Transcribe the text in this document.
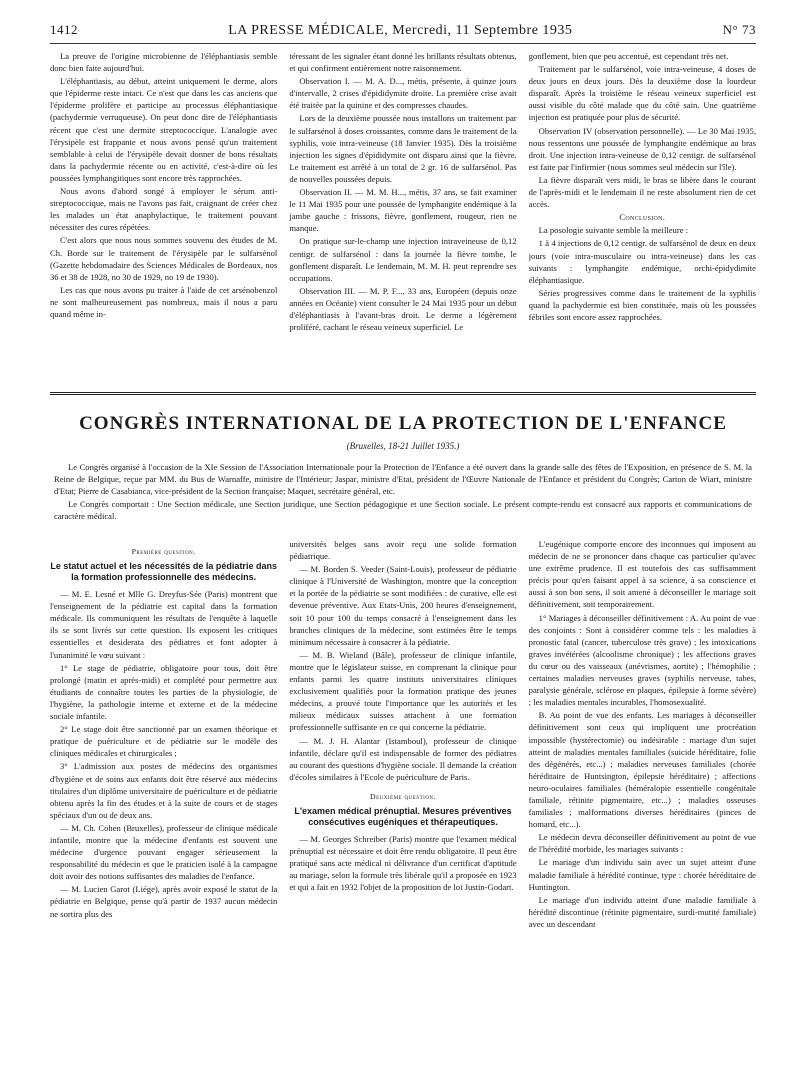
1412	LA PRESSE MÉDICALE, Mercredi, 11 Septembre 1935	N° 73

La preuve de l'origine microbienne de l'éléphantiasis semble donc bien faite aujourd'hui.

L'éléphantiasis, au début, atteint uniquement le derme, alors que l'épiderme reste intact. Ce n'est que dans les cas anciens que l'épiderme prolifère et participe au processus éléphantiasique (pachydermie verruqueuse). On peut donc dire de l'éléphantiasis récent que c'est une dermite streptococcique. L'analogie avec l'érysipèle est frappante et nous avons pensé qu'un traitement semblable à celui de l'érysipèle devait donner de bons résultats dans la pachydermie récente ou en activité, c'est-à-dire où les poussées lymphangitiques sont encore très rapprochées.

Nous avons d'abord songé à employer le sérum anti-streptococcique, mais ne l'avons pas fait, craignant de créer chez les malades un état anaphylactique, le traitement pouvant nécessiter des cures répétées.

C'est alors que nous nous sommes souvenu des études de M. Ch. Borde sur le traitement de l'érysipèle par le sulfarsénol (Gazette hebdomadaire des Sciences Médicales de Bordeaux, nos 36 et 38 de 1928, no 30 de 1929, no 19 de 1930).

Les cas que nous avons pu traiter à l'aide de cet arsénobenzol ne sont malheureusement pas nombreux, mais il nous a paru quand même in-

téressant de les signaler étant donné les brillants résultats obtenus, et qui confirment entièrement notre raisonnement.

Observation I. — M. A. D..., métis, présente, à quinze jours d'intervalle, 2 crises d'épididymite droite. La première crise avait été traitée par la quinine et des compresses chaudes.

Lors de la deuxième poussée nous installons un traitement par le sulfarsénol à doses croissantes, comme dans le traitement de la syphilis, voie intra-veineuse (18 Janvier 1935). Dès la troisième injection les signes d'épididymite ont disparu ainsi que la fièvre. Le traitement est arrêté à un total de 2 gr. 16 de sulfarsénol. Pas de nouvelles poussées depuis.

Observation II. — M. M. H..., métis, 37 ans, se fait examiner le 11 Mai 1935 pour une poussée de lymphangite endémique à la jambe gauche : frissons, fièvre, gonflement, rougeur, rien ne manque.

On pratique sur-le-champ une injection intraveineuse de 0,12 centigr. de sulfarsénol : dans la journée la fièvre tombe, le gonflement disparaît. Le lendemain, M. M. H. peut reprendre ses occupations.

Observation III. — M. P. F..., 33 ans, Européen (depuis onze années en Océanie) vient consulter le 24 Mai 1935 pour un début d'éléphantiasis à l'avant-bras droit. Le derme a légèrement proliféré, cachant le réseau veineux superficiel. Le

gonflement, bien que peu accentué, est cependant très net.

Traitement par le sulfarsénol, voie intra-veineuse, 4 doses de deux jours en deux jours. Dès la deuxième dose la lourdeur disparaît. Après la troisième le réseau veineux superficiel est aussi visible du côté malade que du côté sain. Une quatrième injection est pratiquée pour plus de sécurité.

Observation IV (observation personnelle). — Le 30 Mai 1935, nous ressentons une poussée de lymphangite endémique au bras droit. Une injection intra-veineuse de 0,12 centigr. de sulfarsénol est faite par l'infirmier (nous sommes seul médecin sur l'île).

La fièvre disparaît vers midi, le bras se libère dans le courant de l'après-midi et le lendemain il ne reste absolument rien de cet accès.

Conclusion.

La posologie suivante semble la meilleure :

1 à 4 injections de 0,12 centigr. de sulfarsénol de deux en deux jours (voie intra-musculaire ou intra-veineuse) dans les cas suivants : lymphangite endémique, orchi-épidydimite éléphantiasique.

Séries progressives comme dans le traitement de la syphilis quand la pachydermie est bien constituée, mais où les poussées fébriles sont encore assez rapprochées.

CONGRÈS INTERNATIONAL DE LA PROTECTION DE L'ENFANCE
(Bruxelles, 18-21 Juillet 1935.)

Le Congrès organisé à l'occasion de la XIe Session de l'Association Internationale pour la Protection de l'Enfance a été ouvert dans la grande salle des fêtes de l'Exposition, en présence de S. M. la Reine de Belgique, reçue par MM. du Bus de Warnaffe, ministre de l'Intérieur; Jaspar, ministre d'Etat, président de l'Œuvre Nationale de l'Enfance et président du Congrès; Carton de Wiart, ministre d'Etat; Pierre de Casabianca, vice-président de la Section française; Maquet, secrétaire général, etc.

Le Congrès comportait : Une Section médicale, une Section juridique, une Section pédagogique et une Section sociale. Le présent compte-rendu est consacré aux rapports et communications de caractère médical.

Première question.
Le statut actuel et les nécessités de la pédiatrie dans la formation professionnelle des médecins.

— M. E. Lesné et Mlle G. Dreyfus-Sée (Paris) montrent que l'enseignement de la pédiatrie est capital dans la formation médicale. Ils communiquent les résultats de l'enquête à laquelle ils se sont livrés sur cette question. Ils exposent les critiques essentielles et desiderata des pédiatres et font adopter à l'unanimité le vœu suivant :

1° Le stage de pédiatrie, obligatoire pour tous, doit être prolongé (matin et après-midi) et complété pour permettre aux étudiants de connaître toutes les parties de la physiologie, de l'hygiène, la pathologie interne et externe et de la médecine sociale infantile.

2° Le stage doit être sanctionné par un examen théorique et pratique de puériculture et de pédiatrie sur le modèle des cliniques médicales et chirurgicales ;

3° L'admission aux postes de médecins des organismes d'hygiène et de soins aux enfants doit être réservé aux médecins titulaires d'un diplôme universitaire de puériculture et de pédiatrie obtenu après la fin des études et à la suite de cours et de stages spéciaux d'un ou de deux ans.

— M. Ch. Cohen (Bruxelles), professeur de clinique médicale infantile, montre que la médecine d'enfants est souvent une médecine d'urgence pouvant engager sérieusement la responsabilité du médecin et que le praticien isolé à la campagne doit avoir des notions suffisantes des maladies de l'enfance.

— M. Lucien Garot (Liége), après avoir exposé le statut de la pédiatrie en Belgique, pense qu'à partir de 1937 aucun médecin ne sortira plus des

universités belges sans avoir reçu une solide formation pédiatrique.

— M. Borden S. Veeder (Saint-Louis), professeur de pédiatrie clinique à l'Université de Washington, montre que la conception et la portée de la pédiatrie se sont modifiées : de curative, elle est devenue préventive. Aux Etats-Unis, 200 heures d'enseignement, soit 10 pour 100 du temps consacré à l'enseignement dans les branches cliniques de la médecine, sont estimées être le temps minimum nécessaire à consacrer à la pédiatrie.

— M. B. Wieland (Bâle), professeur de clinique infantile, montre que le législateur suisse, en comprenant la clinique pour enfants parmi les quatre instituts universitaires cliniques exclusivement qualifiés pour la formation pratique des jeunes médecins, a prouvé toute l'importance que les autorités et les milieux médicaux suisses attachent à une formation professionnelle suffisante en ce qui concerne la pédiatrie.

— M. J. H. Alantar (Istamboul), professeur de clinique infantile, déclare qu'il est indispensable de former des pédiatres au courant des questions d'hygiène sociale. Il demande la création d'écoles similaires à l'Ecole de puériculture de Paris.

Deuxième question.
L'examen médical prénuptial. Mesures préventives consécutives eugéniques et thérapeutiques.

— M. Georges Schreiber (Paris) montre que l'examen médical prénuptial est nécessaire et doit être rendu obligatoire. Il peut être pratiqué sans acte médical ni délivrance d'un certificat d'aptitude au mariage, selon la formule très libérale qu'il a proposée en 1923 et qui a fait en 1932 l'objet de la proposition de loi Justin-Godart.

L'eugénique comporte encore des inconnues qui imposent au médecin de ne se prononcer dans chaque cas particulier qu'avec une extrême prudence. Il est toutefois des cas suffisamment précis pour qu'en faisant appel à sa science, à sa conscience et aussi à son bon sens, il soit amené à déconseiller le mariage soit définitivement, soit temporairement.

1° Mariages à déconseiller définitivement : A. Au point de vue des conjoints : Sont à considérer comme tels : les maladies à pronostic fatal (cancer, tuberculose très grave) ; les intoxications graves invétérées (alcoolisme chronique) ; les affections graves du cœur ou des vaisseaux (anévrismes, aortite) ; l'hémophilie ; certaines maladies nerveuses graves (syphilis nerveuse, tabes, paralysie générale, sclérose en plaques, épilepsie à forme sévère) ; les maladies mentales incurables, l'homosexualité.

B. Au point de vue des enfants. Les mariages à déconseiller définitivement sont ceux qui impliquent une procréation impossible (hystérectomie) ou indésirable : mariage d'un sujet atteint de maladies mentales familiales (suicide héréditaire, folie des dégénérés, etc...) ; maladies nerveuses familiales (chorée héréditaire de Huntsington, épilepsie héréditaire) ; affections neuro-oculaires familiales (héméralopie essentielle congénitale familiale, rétinite pigmentaire, etc...) ; maladies osseuses familiales ; malformations diverses héréditaires (pinces de homard, etc...).

Le médecin devra déconseiller définitivement au point de vue de l'hérédité morbide, les mariages suivants :

Le mariage d'un individu sain avec un sujet atteint d'une maladie familiale à hérédité continue, type : chorée héréditaire de Huntington.

Le mariage d'un individu atteint d'une maladie familiale à hérédité discontinue (rétinite pigmentaire, surdi-mutité familiale) avec un descendant
